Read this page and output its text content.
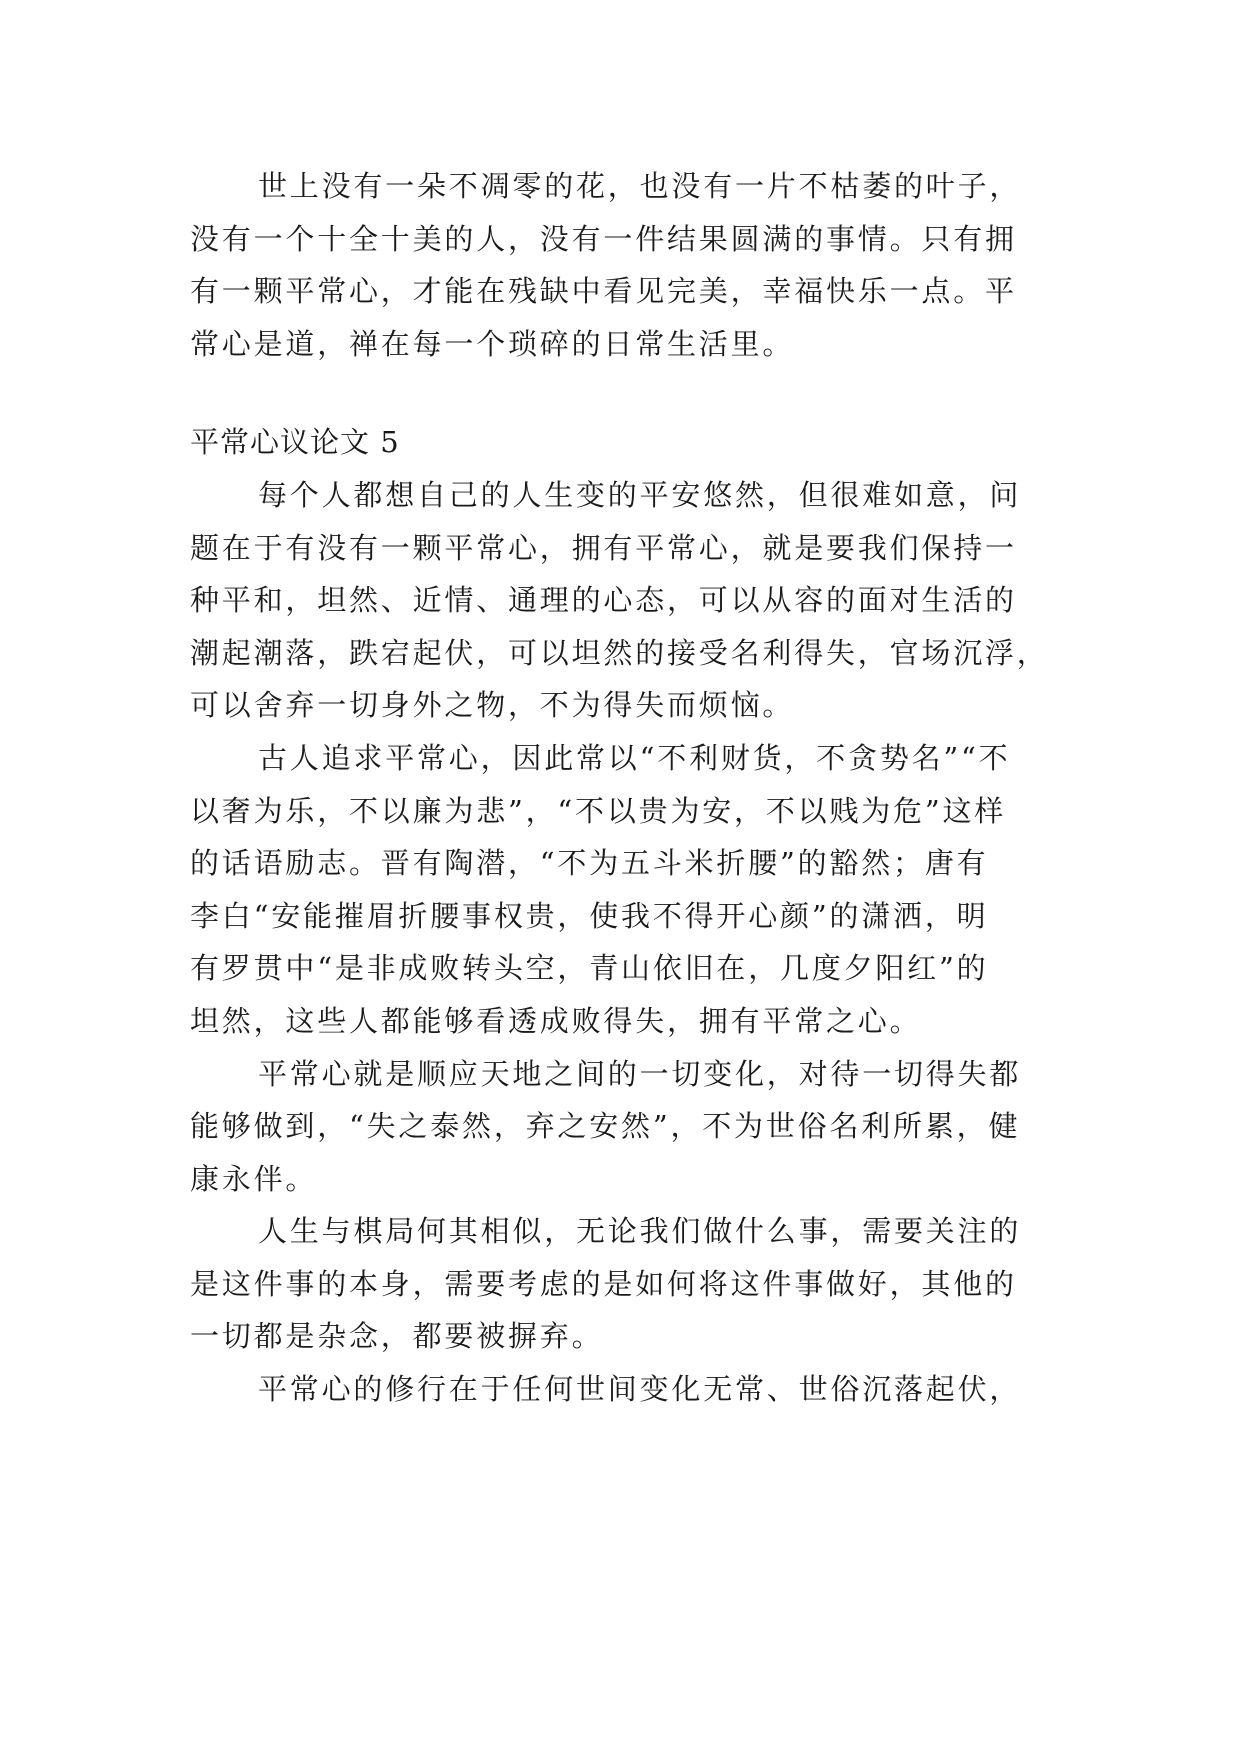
世上没有一朵不凋零的花，也没有一片不枯萎的叶子，
没有一个十全十美的人，没有一件结果圆满的事情。只有拥
有一颗平常心，才能在残缺中看见完美，幸福快乐一点。平
常心是道，禅在每一个琐碎的日常生活里。
平常心议论文 5
每个人都想自己的人生变的平安悠然，但很难如意，问
题在于有没有一颗平常心，拥有平常心，就是要我们保持一
种平和，坦然、近情、通理的心态，可以从容的面对生活的
潮起潮落，跌宕起伏，可以坦然的接受名利得失，官场沉浮，
可以舍弃一切身外之物，不为得失而烦恼。
古人追求平常心，因此常以“不利财货，不贪势名”“不
以奢为乐，不以廉为悲”，“不以贵为安，不以贱为危”这样
的话语励志。晋有陶潜，“不为五斗米折腰”的豁然；唐有
李白“安能摧眉折腰事权贵，使我不得开心颜”的潇洒，明
有罗贯中“是非成败转头空，青山依旧在，几度夕阳红”的
坦然，这些人都能够看透成败得失，拥有平常之心。
平常心就是顺应天地之间的一切变化，对待一切得失都
能够做到，“失之泰然，弃之安然”，不为世俗名利所累，健
康永伴。
人生与棋局何其相似，无论我们做什么事，需要关注的
是这件事的本身，需要考虑的是如何将这件事做好，其他的
一切都是杂念，都要被摒弃。
平常心的修行在于任何世间变化无常、世俗沉落起伏，
